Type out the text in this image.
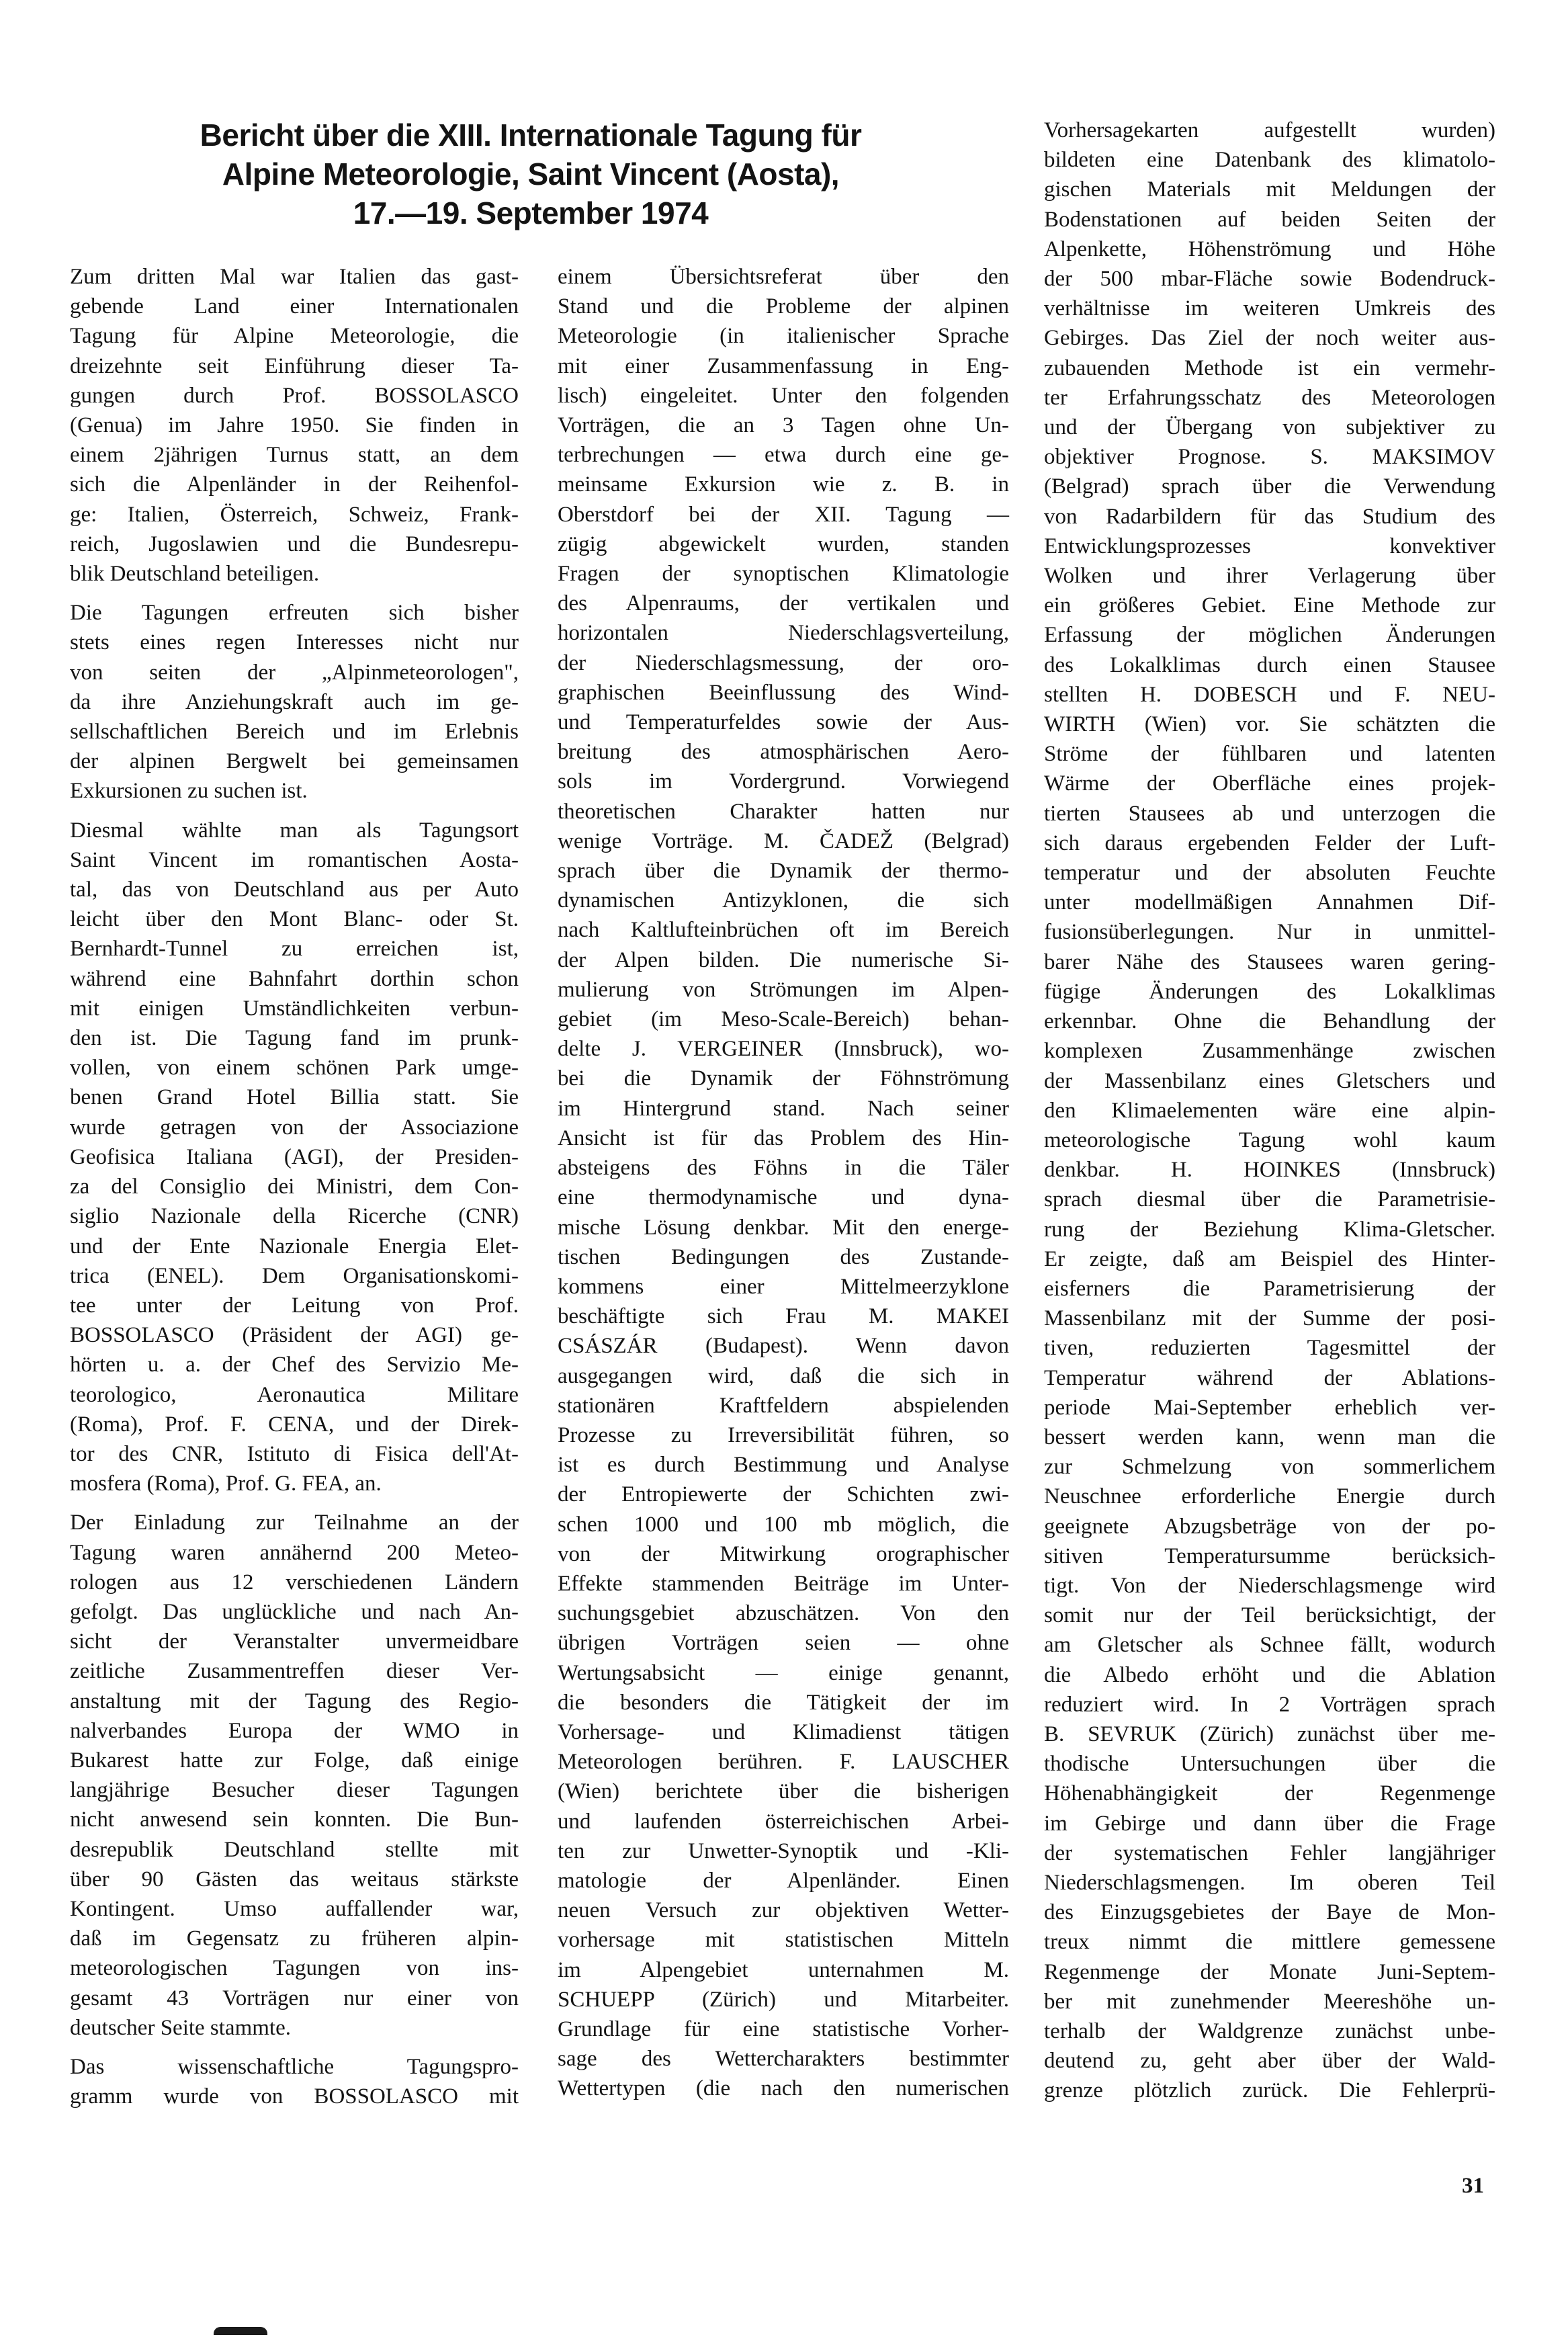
Bericht über die XIII. Internationale Tagung für
Alpine Meteorologie, Saint Vincent (Aosta),
17.—19. September 1974
Zum dritten Mal war Italien das gast-
gebende Land einer Internationalen
Tagung für Alpine Meteorologie, die
dreizehnte seit Einführung dieser Ta-
gungen durch Prof. BOSSOLASCO
(Genua) im Jahre 1950. Sie finden in
einem 2jährigen Turnus statt, an dem
sich die Alpenländer in der Reihenfol-
ge: Italien, Österreich, Schweiz, Frank-
reich, Jugoslawien und die Bundesrepu-
blik Deutschland beteiligen.
Die Tagungen erfreuten sich bisher
stets eines regen Interesses nicht nur
von seiten der „Alpinmeteorologen",
da ihre Anziehungskraft auch im ge-
sellschaftlichen Bereich und im Erlebnis
der alpinen Bergwelt bei gemeinsamen
Exkursionen zu suchen ist.
Diesmal wählte man als Tagungsort
Saint Vincent im romantischen Aosta-
tal, das von Deutschland aus per Auto
leicht über den Mont Blanc- oder St.
Bernhardt-Tunnel zu erreichen ist,
während eine Bahnfahrt dorthin schon
mit einigen Umständlichkeiten verbun-
den ist. Die Tagung fand im prunk-
vollen, von einem schönen Park umge-
benen Grand Hotel Billia statt. Sie
wurde getragen von der Associazione
Geofisica Italiana (AGI), der Presiden-
za del Consiglio dei Ministri, dem Con-
siglio Nazionale della Ricerche (CNR)
und der Ente Nazionale Energia Elet-
trica (ENEL). Dem Organisationskomi-
tee unter der Leitung von Prof.
BOSSOLASCO (Präsident der AGI) ge-
hörten u. a. der Chef des Servizio Me-
teorologico, Aeronautica Militare
(Roma), Prof. F. CENA, und der Direk-
tor des CNR, Istituto di Fisica dell'At-
mosfera (Roma), Prof. G. FEA, an.
Der Einladung zur Teilnahme an der
Tagung waren annähernd 200 Meteo-
rologen aus 12 verschiedenen Ländern
gefolgt. Das unglückliche und nach An-
sicht der Veranstalter unvermeidbare
zeitliche Zusammentreffen dieser Ver-
anstaltung mit der Tagung des Regio-
nalverbandes Europa der WMO in
Bukarest hatte zur Folge, daß einige
langjährige Besucher dieser Tagungen
nicht anwesend sein konnten. Die Bun-
desrepublik Deutschland stellte mit
über 90 Gästen das weitaus stärkste
Kontingent. Umso auffallender war,
daß im Gegensatz zu früheren alpin-
meteorologischen Tagungen von ins-
gesamt 43 Vorträgen nur einer von
deutscher Seite stammte.
Das wissenschaftliche Tagungspro-
gramm wurde von BOSSOLASCO mit
einem Übersichtsreferat über den
Stand und die Probleme der alpinen
Meteorologie (in italienischer Sprache
mit einer Zusammenfassung in Eng-
lisch) eingeleitet. Unter den folgenden
Vorträgen, die an 3 Tagen ohne Un-
terbrechungen — etwa durch eine ge-
meinsame Exkursion wie z. B. in
Oberstdorf bei der XII. Tagung —
zügig abgewickelt wurden, standen
Fragen der synoptischen Klimatologie
des Alpenraums, der vertikalen und
horizontalen Niederschlagsverteilung,
der Niederschlagsmessung, der oro-
graphischen Beeinflussung des Wind-
und Temperaturfeldes sowie der Aus-
breitung des atmosphärischen Aero-
sols im Vordergrund. Vorwiegend
theoretischen Charakter hatten nur
wenige Vorträge. M. ČADEŽ (Belgrad)
sprach über die Dynamik der thermo-
dynamischen Antizyklonen, die sich
nach Kaltlufteinbrüchen oft im Bereich
der Alpen bilden. Die numerische Si-
mulierung von Strömungen im Alpen-
gebiet (im Meso-Scale-Bereich) behan-
delte J. VERGEINER (Innsbruck), wo-
bei die Dynamik der Föhnströmung
im Hintergrund stand. Nach seiner
Ansicht ist für das Problem des Hin-
absteigens des Föhns in die Täler
eine thermodynamische und dyna-
mische Lösung denkbar. Mit den energe-
tischen Bedingungen des Zustande-
kommens einer Mittelmeerzyklone
beschäftigte sich Frau M. MAKEI
CSÁSZÁR (Budapest). Wenn davon
ausgegangen wird, daß die sich in
stationären Kraftfeldern abspielenden
Prozesse zu Irreversibilität führen, so
ist es durch Bestimmung und Analyse
der Entropiewerte der Schichten zwi-
schen 1000 und 100 mb möglich, die
von der Mitwirkung orographischer
Effekte stammenden Beiträge im Unter-
suchungsgebiet abzuschätzen. Von den
übrigen Vorträgen seien — ohne
Wertungsabsicht — einige genannt,
die besonders die Tätigkeit der im
Vorhersage- und Klimadienst tätigen
Meteorologen berühren. F. LAUSCHER
(Wien) berichtete über die bisherigen
und laufenden österreichischen Arbei-
ten zur Unwetter-Synoptik und -Kli-
matologie der Alpenländer. Einen
neuen Versuch zur objektiven Wetter-
vorhersage mit statistischen Mitteln
im Alpengebiet unternahmen M.
SCHUEPP (Zürich) und Mitarbeiter.
Grundlage für eine statistische Vorher-
sage des Wettercharakters bestimmter
Wettertypen (die nach den numerischen
Vorhersagekarten aufgestellt wurden)
bildeten eine Datenbank des klimatolo-
gischen Materials mit Meldungen der
Bodenstationen auf beiden Seiten der
Alpenkette, Höhenströmung und Höhe
der 500 mbar-Fläche sowie Bodendruck-
verhältnisse im weiteren Umkreis des
Gebirges. Das Ziel der noch weiter aus-
zubauenden Methode ist ein vermehr-
ter Erfahrungsschatz des Meteorologen
und der Übergang von subjektiver zu
objektiver Prognose. S. MAKSIMOV
(Belgrad) sprach über die Verwendung
von Radarbildern für das Studium des
Entwicklungsprozesses konvektiver
Wolken und ihrer Verlagerung über
ein größeres Gebiet. Eine Methode zur
Erfassung der möglichen Änderungen
des Lokalklimas durch einen Stausee
stellten H. DOBESCH und F. NEU-
WIRTH (Wien) vor. Sie schätzten die
Ströme der fühlbaren und latenten
Wärme der Oberfläche eines projek-
tierten Stausees ab und unterzogen die
sich daraus ergebenden Felder der Luft-
temperatur und der absoluten Feuchte
unter modellmäßigen Annahmen Dif-
fusionsüberlegungen. Nur in unmittel-
barer Nähe des Stausees waren gering-
fügige Änderungen des Lokalklimas
erkennbar. Ohne die Behandlung der
komplexen Zusammenhänge zwischen
der Massenbilanz eines Gletschers und
den Klimaelementen wäre eine alpin-
meteorologische Tagung wohl kaum
denkbar. H. HOINKES (Innsbruck)
sprach diesmal über die Parametrisie-
rung der Beziehung Klima-Gletscher.
Er zeigte, daß am Beispiel des Hinter-
eisferners die Parametrisierung der
Massenbilanz mit der Summe der posi-
tiven, reduzierten Tagesmittel der
Temperatur während der Ablations-
periode Mai-September erheblich ver-
bessert werden kann, wenn man die
zur Schmelzung von sommerlichem
Neuschnee erforderliche Energie durch
geeignete Abzugsbeträge von der po-
sitiven Temperatursumme berücksich-
tigt. Von der Niederschlagsmenge wird
somit nur der Teil berücksichtigt, der
am Gletscher als Schnee fällt, wodurch
die Albedo erhöht und die Ablation
reduziert wird. In 2 Vorträgen sprach
B. SEVRUK (Zürich) zunächst über me-
thodische Untersuchungen über die
Höhenabhängigkeit der Regenmenge
im Gebirge und dann über die Frage
der systematischen Fehler langjähriger
Niederschlagsmengen. Im oberen Teil
des Einzugsgebietes der Baye de Mon-
treux nimmt die mittlere gemessene
Regenmenge der Monate Juni-Septem-
ber mit zunehmender Meereshöhe un-
terhalb der Waldgrenze zunächst unbe-
deutend zu, geht aber über der Wald-
grenze plötzlich zurück. Die Fehlerprü-
31
